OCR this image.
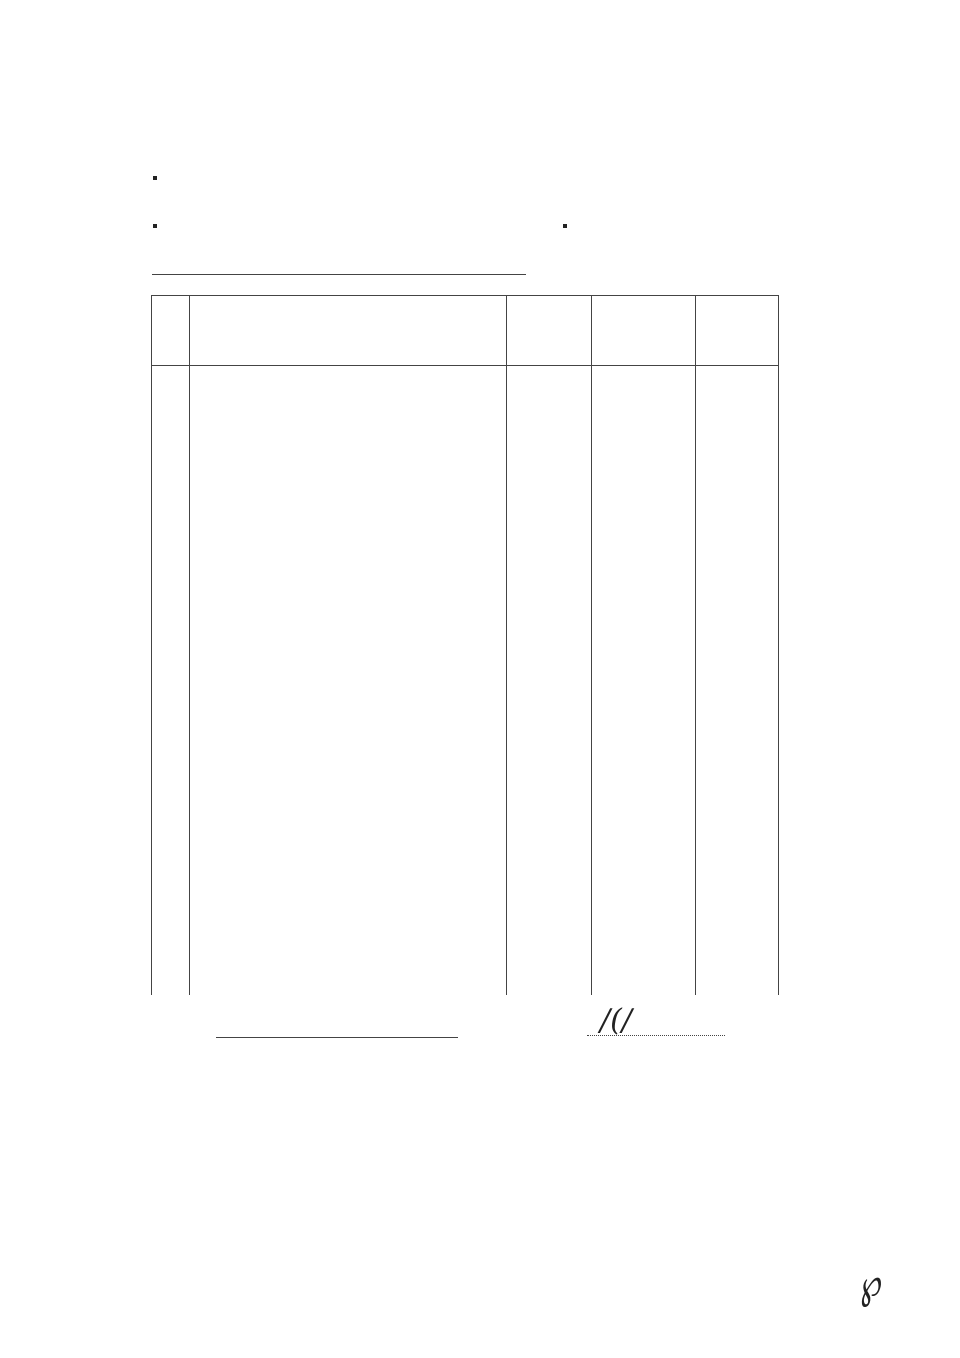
/(/
℘
